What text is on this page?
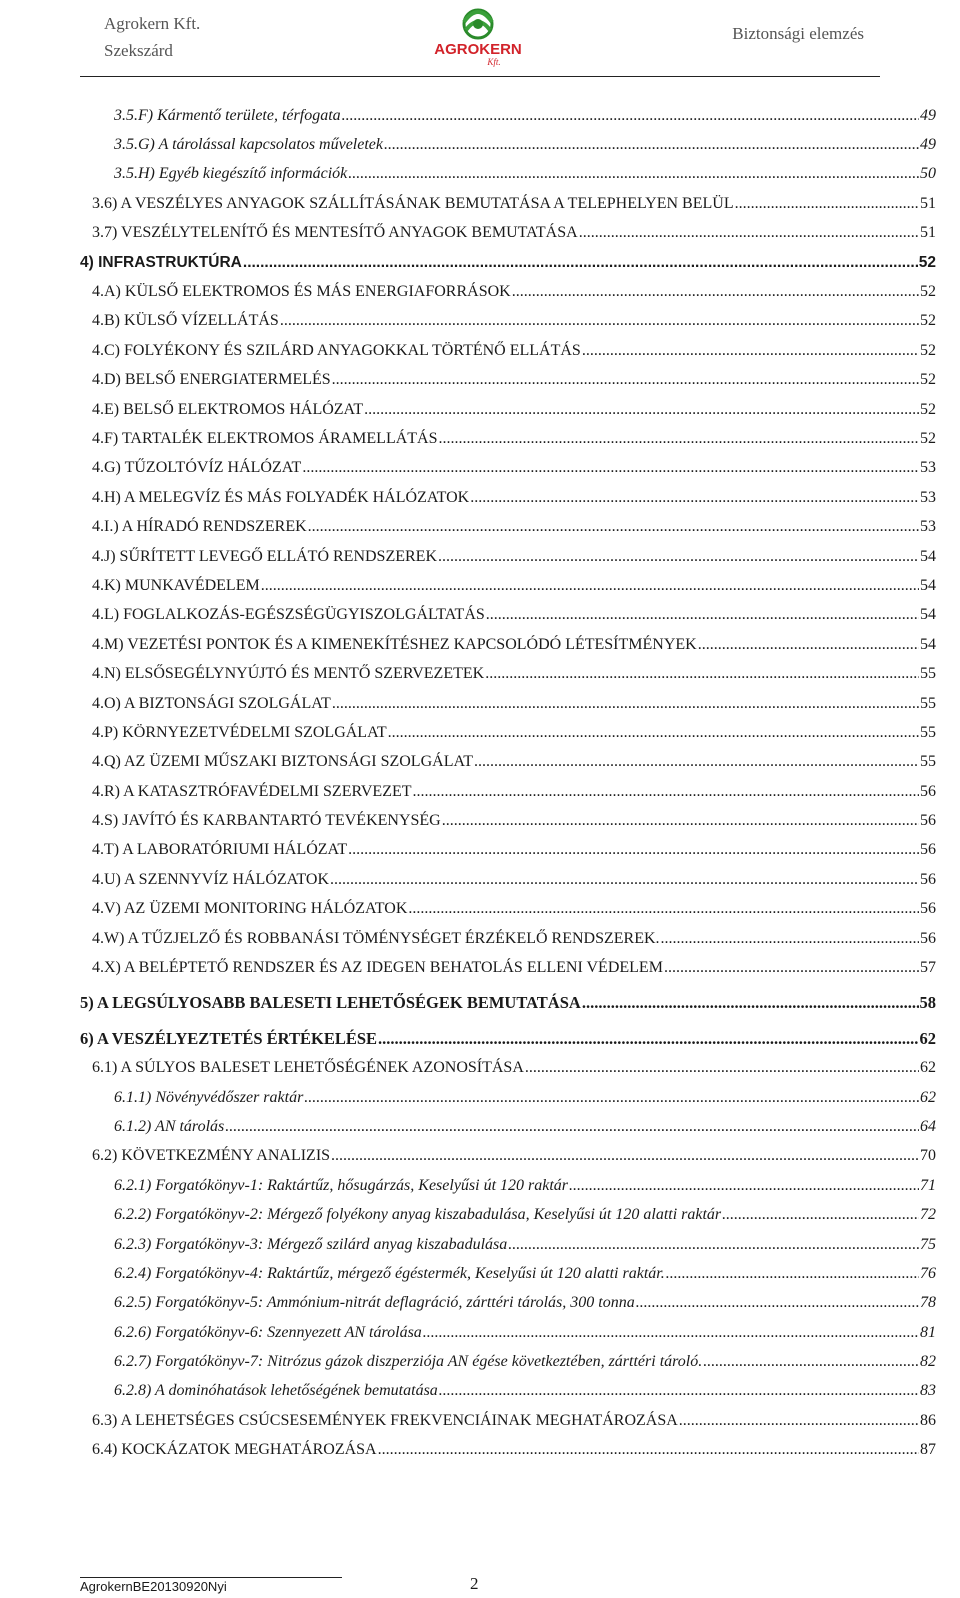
Agrokern Kft.
Szekszárd	AGROKERN
Kft.
Biztonsági elemzés
3.5.F) Kármentő területe, térfogata .....	49
3.5.G) A tárolással kapcsolatos műveletek .....	49
3.5.H) Egyéb kiegészítő információk .....	50
3.6) A VESZÉLYES ANYAGOK SZÁLLÍTÁSÁNAK BEMUTATÁSA A TELEPHELYEN BELÜL .....	51
3.7) VESZÉLYTELENÍTŐ ÉS MENTESÍTŐ ANYAGOK BEMUTATÁSA .....	51
4) INFRASTRUKTÚRA .....	52
4.A) KÜLSŐ ELEKTROMOS ÉS MÁS ENERGIAFORRÁSOK .....	52
4.B) KÜLSŐ VÍZELLÁTÁS .....	52
4.C) FOLYÉKONY ÉS SZILÁRD ANYAGOKKAL TÖRTÉNŐ ELLÁTÁS .....	52
4.D) BELSŐ ENERGIATERMELÉS .....	52
4.E) BELSŐ ELEKTROMOS HÁLÓZAT .....	52
4.F) TARTALÉK ELEKTROMOS ÁRAMELLÁTÁS .....	52
4.G) TŰZOLTÓVÍZ HÁLÓZAT .....	53
4.H) A MELEGVÍZ ÉS MÁS FOLYADÉK HÁLÓZATOK .....	53
4.I.) A HÍRADÓ RENDSZEREK .....	53
4.J) SŰRÍTETT LEVEGŐ ELLÁTÓ RENDSZEREK .....	54
4.K) MUNKAVÉDELEM .....	54
4.L) FOGLALKOZÁS-EGÉSZSÉGÜGYISZOLGÁLTATÁS .....	54
4.M) VEZETÉSI PONTOK ÉS A KIMENEKÍTÉSHEZ KAPCSOLÓDÓ LÉTESÍTMÉNYEK .....	54
4.N) ELSŐSEGÉLYNYÚJTÓ ÉS MENTŐ SZERVEZETEK .....	55
4.O) A BIZTONSÁGI SZOLGÁLAT .....	55
4.P) KÖRNYEZETVÉDELMI SZOLGÁLAT .....	55
4.Q) AZ ÜZEMI MŰSZAKI BIZTONSÁGI SZOLGÁLAT .....	55
4.R) A KATASZTRÓFAVÉDELMI SZERVEZET .....	56
4.S) JAVÍTÓ ÉS KARBANTARTÓ TEVÉKENYSÉG .....	56
4.T) A LABORATÓRIUMI HÁLÓZAT .....	56
4.U) A SZENNYVÍZ HÁLÓZATOK .....	56
4.V) AZ ÜZEMI MONITORING HÁLÓZATOK .....	56
4.W) A TŰZJELZŐ ÉS ROBBANÁSI TÖMÉNYSÉGET ÉRZÉKELŐ RENDSZEREK. .....	56
4.X) A BELÉPTETŐ RENDSZER ÉS AZ IDEGEN BEHATOLÁS ELLENI VÉDELEM .....	57
5) A LEGSÚLYOSABB BALESETI LEHETŐSÉGEK BEMUTATÁSA .....	58
6) A VESZÉLYEZTETÉS ÉRTÉKELÉSE .....	62
6.1) A SÚLYOS BALESET LEHETŐSÉGÉNEK AZONOSÍTÁSA .....	62
6.1.1) Növényvédőszer raktár .....	62
6.1.2) AN tárolás .....	64
6.2) KÖVETKEZMÉNY ANALIZIS .....	70
6.2.1) Forgatókönyv-1: Raktártűz, hősugárzás, Keselyűsi út 120 raktár .....	71
6.2.2) Forgatókönyv-2: Mérgező folyékony anyag kiszabadulása, Keselyűsi út 120 alatti raktár .....	72
6.2.3) Forgatókönyv-3: Mérgező szilárd anyag kiszabadulása .....	75
6.2.4) Forgatókönyv-4: Raktártűz, mérgező égéstermék, Keselyűsi út 120 alatti raktár. .....	76
6.2.5) Forgatókönyv-5: Ammónium-nitrát deflagráció, zárttéri tárolás, 300 tonna .....	78
6.2.6) Forgatókönyv-6: Szennyezett AN tárolása .....	81
6.2.7) Forgatókönyv-7: Nitrózus gázok diszperziója AN égése következtében, zárttéri tároló. .....	82
6.2.8) A dominóhatások lehetőségének bemutatása .....	83
6.3) A LEHETSÉGES CSÚCSESEMÉNYEK FREKVENCIÁINAK MEGHATÁROZÁSA .....	86
6.4) KOCKÁZATOK MEGHATÁROZÁSA .....	87
AgrokernBE20130920Nyi	2
